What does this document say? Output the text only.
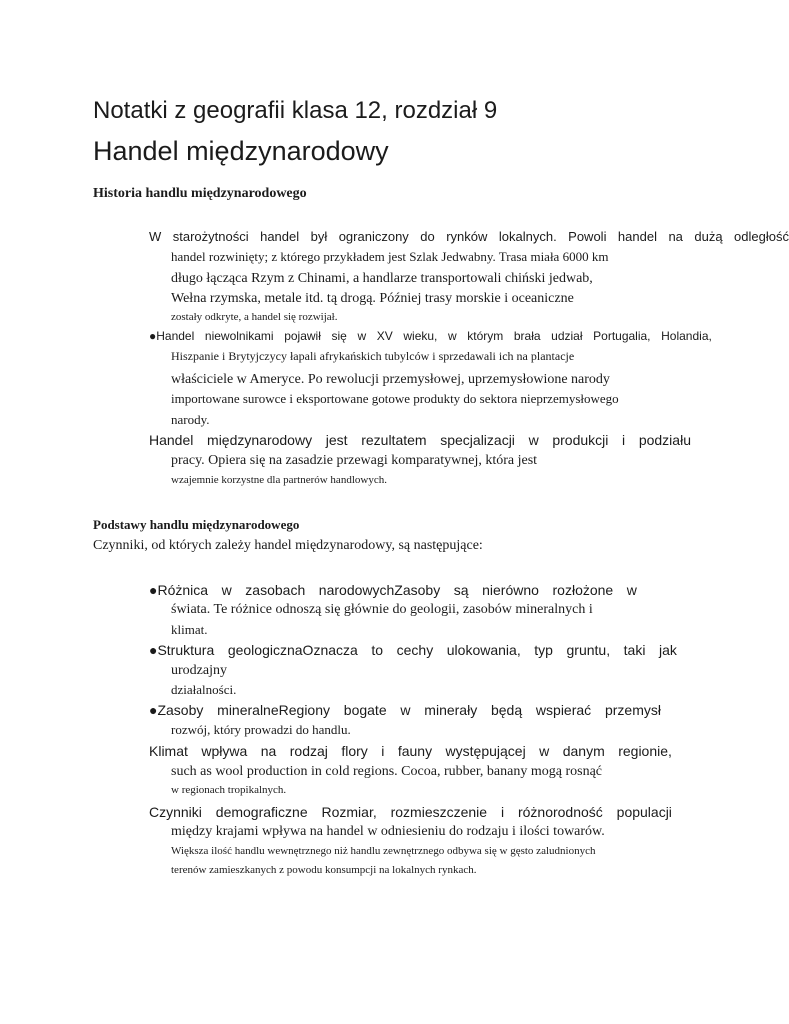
Notatki z geografii klasa 12, rozdział 9
Handel międzynarodowy
Historia handlu międzynarodowego
W starożytności handel był ograniczony do rynków lokalnych. Powoli handel na dużą odległość
handel rozwinięty; z którego przykładem jest Szlak Jedwabny. Trasa miała 6000 km
długo łącząca Rzym z Chinami, a handlarze transportowali chiński jedwab,
Wełna rzymska, metale itd. tą drogą. Później trasy morskie i oceaniczne
zostały odkryte, a handel się rozwijał.
●Handel niewolnikami pojawił się w XV wieku, w którym brała udział Portugalia, Holandia,
Hiszpanie i Brytyjczycy łapali afrykańskich tubylców i sprzedawali ich na plantacje
właściciele w Ameryce. Po rewolucji przemysłowej, uprzemysłowione narody
importowane surowce i eksportowane gotowe produkty do sektora nieprzemysłowego
narody.
Handel międzynarodowy jest rezultatem specjalizacji w produkcji i podziału
pracy. Opiera się na zasadzie przewagi komparatywnej, która jest
wzajemnie korzystne dla partnerów handlowych.
Podstawy handlu międzynarodowego
Czynniki, od których zależy handel międzynarodowy, są następujące:
●Różnica w zasobach narodowychZasoby są nierówno rozłożone w
świata. Te różnice odnoszą się głównie do geologii, zasobów mineralnych i
klimat.
●Struktura geologicznaOznacza to cechy ulokowania, typ gruntu, taki jak
urodzajny
działalności.
●Zasoby mineralneRegiony bogate w minerały będą wspierać przemysł
rozwój, który prowadzi do handlu.
Klimat wpływa na rodzaj flory i fauny występującej w danym regionie,
such as wool production in cold regions. Cocoa, rubber, banany mogą rosnąć
w regionach tropikalnych.
Czynniki demograficzne Rozmiar, rozmieszczenie i różnorodność populacji
między krajami wpływa na handel w odniesieniu do rodzaju i ilości towarów.
Większa ilość handlu wewnętrznego niż handlu zewnętrznego odbywa się w gęsto zaludnionych
terenów zamieszkanych z powodu konsumpcji na lokalnych rynkach.
